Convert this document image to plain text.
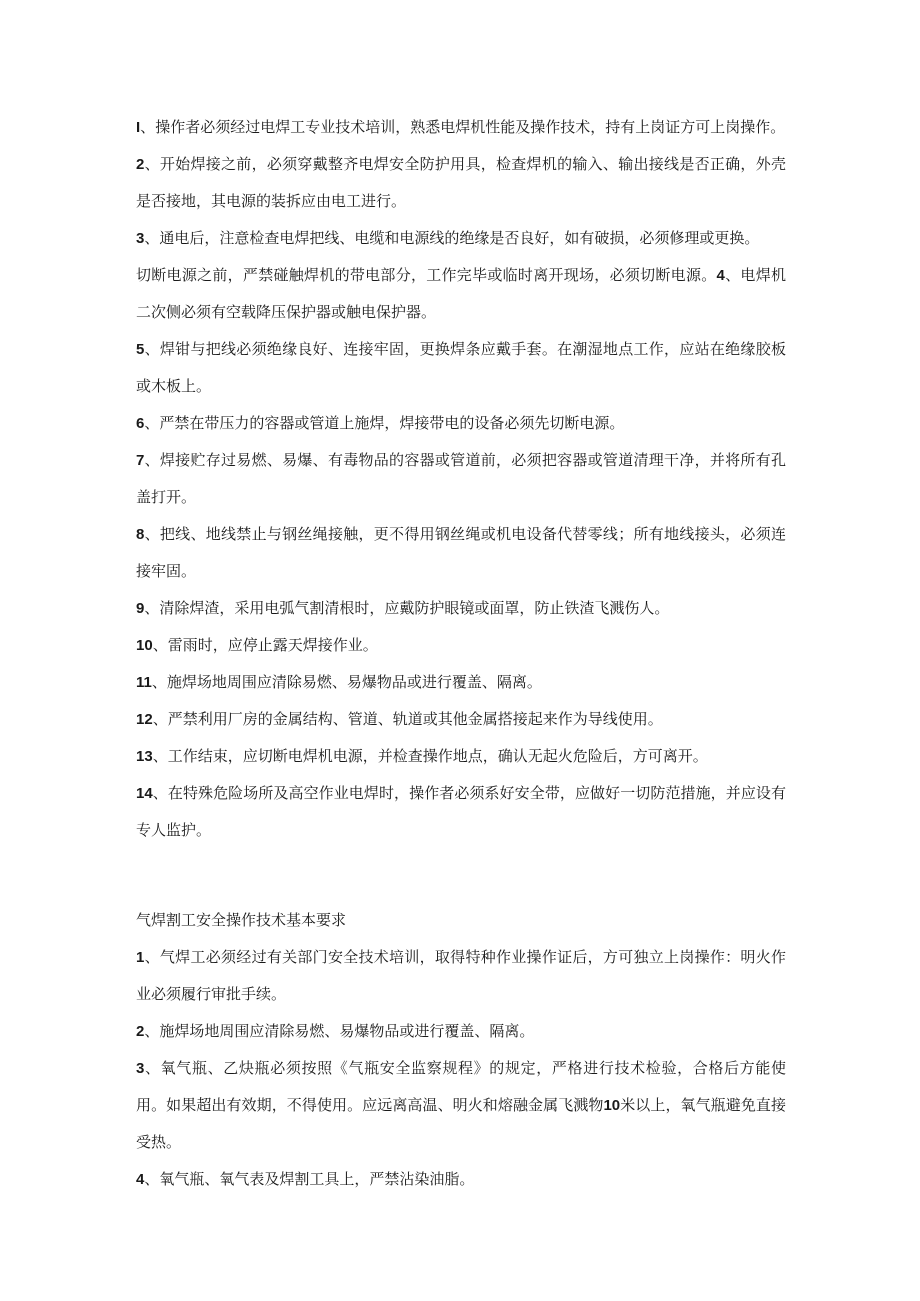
I、操作者必须经过电焊工专业技术培训，熟悉电焊机性能及操作技术，持有上岗证方可上岗操作。

2、开始焊接之前，必须穿戴整齐电焊安全防护用具，检查焊机的输入、输出接线是否正确，外壳是否接地，其电源的装拆应由电工进行。

3、通电后，注意检查电焊把线、电缆和电源线的绝缘是否良好，如有破损，必须修理或更换。

切断电源之前，严禁碰触焊机的带电部分，工作完毕或临时离开现场，必须切断电源。4、电焊机二次侧必须有空载降压保护器或触电保护器。

5、焊钳与把线必须绝缘良好、连接牢固，更换焊条应戴手套。在潮湿地点工作，应站在绝缘胶板或木板上。

6、严禁在带压力的容器或管道上施焊，焊接带电的设备必须先切断电源。

7、焊接贮存过易燃、易爆、有毒物品的容器或管道前，必须把容器或管道清理干净，并将所有孔盖打开。

8、把线、地线禁止与钢丝绳接触，更不得用钢丝绳或机电设备代替零线；所有地线接头，必须连接牢固。

9、清除焊渣，采用电弧气割清根时，应戴防护眼镜或面罩，防止铁渣飞溅伤人。

10、雷雨时，应停止露天焊接作业。

11、施焊场地周围应清除易燃、易爆物品或进行覆盖、隔离。

12、严禁利用厂房的金属结构、管道、轨道或其他金属搭接起来作为导线使用。

13、工作结束，应切断电焊机电源，并检查操作地点，确认无起火危险后，方可离开。

14、在特殊危险场所及高空作业电焊时，操作者必须系好安全带，应做好一切防范措施，并应设有专人监护。

气焊割工安全操作技术基本要求

1、气焊工必须经过有关部门安全技术培训，取得特种作业操作证后，方可独立上岗操作：明火作业必须履行审批手续。

2、施焊场地周围应清除易燃、易爆物品或进行覆盖、隔离。

3、氧气瓶、乙炔瓶必须按照《气瓶安全监察规程》的规定，严格进行技术检验，合格后方能使用。如果超出有效期，不得使用。应远离高温、明火和熔融金属飞溅物10米以上，氧气瓶避免直接受热。

4、氧气瓶、氧气表及焊割工具上，严禁沾染油脂。
